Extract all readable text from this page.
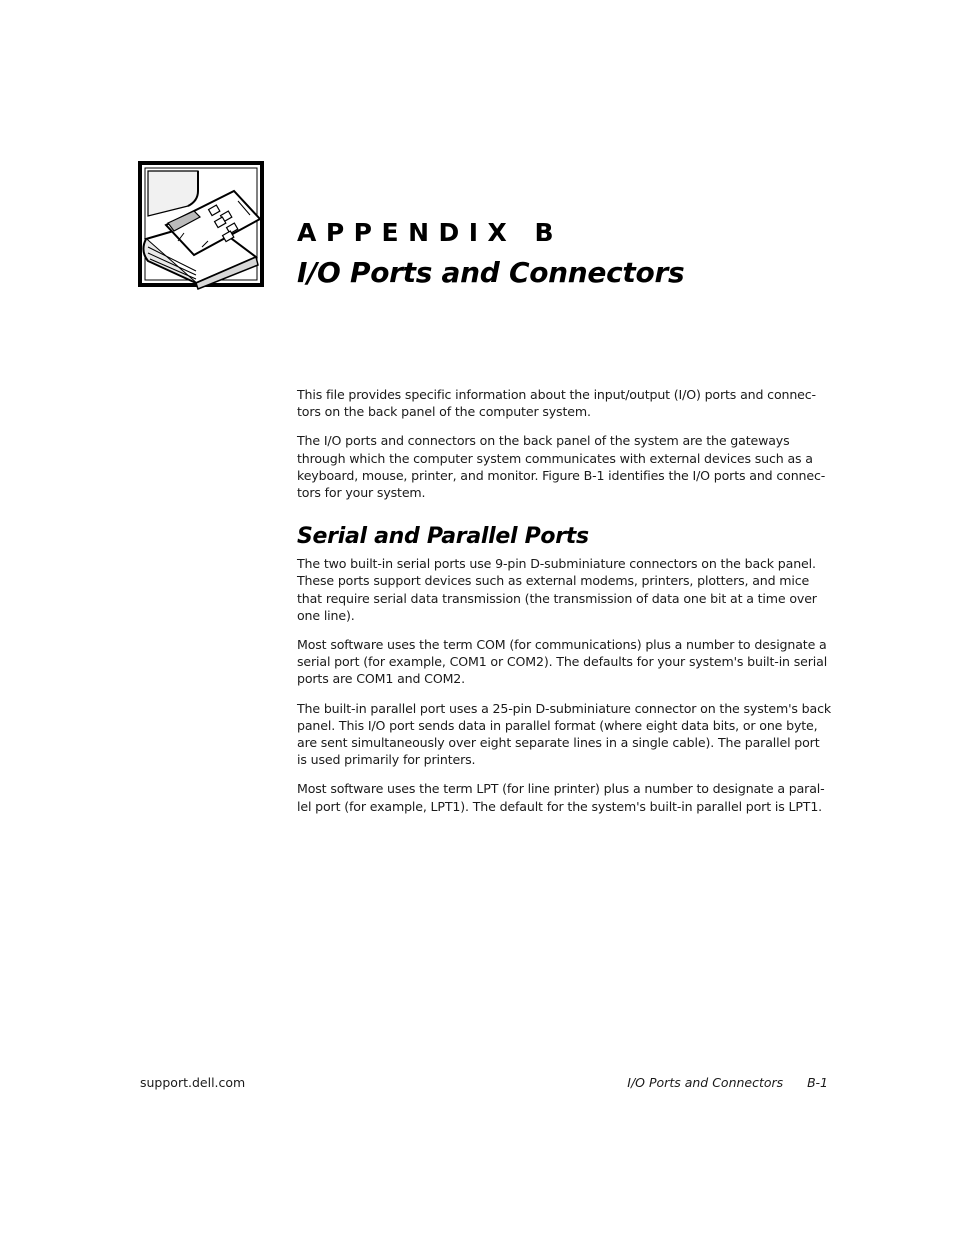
APPENDIX B
I/O Ports and Connectors

This file provides specific information about the input/output (I/O) ports and connec-tors on the back panel of the computer system.

The I/O ports and connectors on the back panel of the system are the gateways through which the computer system communicates with external devices such as a keyboard, mouse, printer, and monitor. Figure B-1 identifies the I/O ports and connec-tors for your system.

Serial and Parallel Ports

The two built-in serial ports use 9-pin D-subminiature connectors on the back panel. These ports support devices such as external modems, printers, plotters, and mice that require serial data transmission (the transmission of data one bit at a time over one line).

Most software uses the term COM (for communications) plus a number to designate a serial port (for example, COM1 or COM2). The defaults for your system's built-in serial ports are COM1 and COM2.

The built-in parallel port uses a 25-pin D-subminiature connector on the system's back panel. This I/O port sends data in parallel format (where eight data bits, or one byte, are sent simultaneously over eight separate lines in a single cable). The parallel port is used primarily for printers.

Most software uses the term LPT (for line printer) plus a number to designate a paral-lel port (for example, LPT1). The default for the system's built-in parallel port is LPT1.

support.dell.com	I/O Ports and Connectors B-1
